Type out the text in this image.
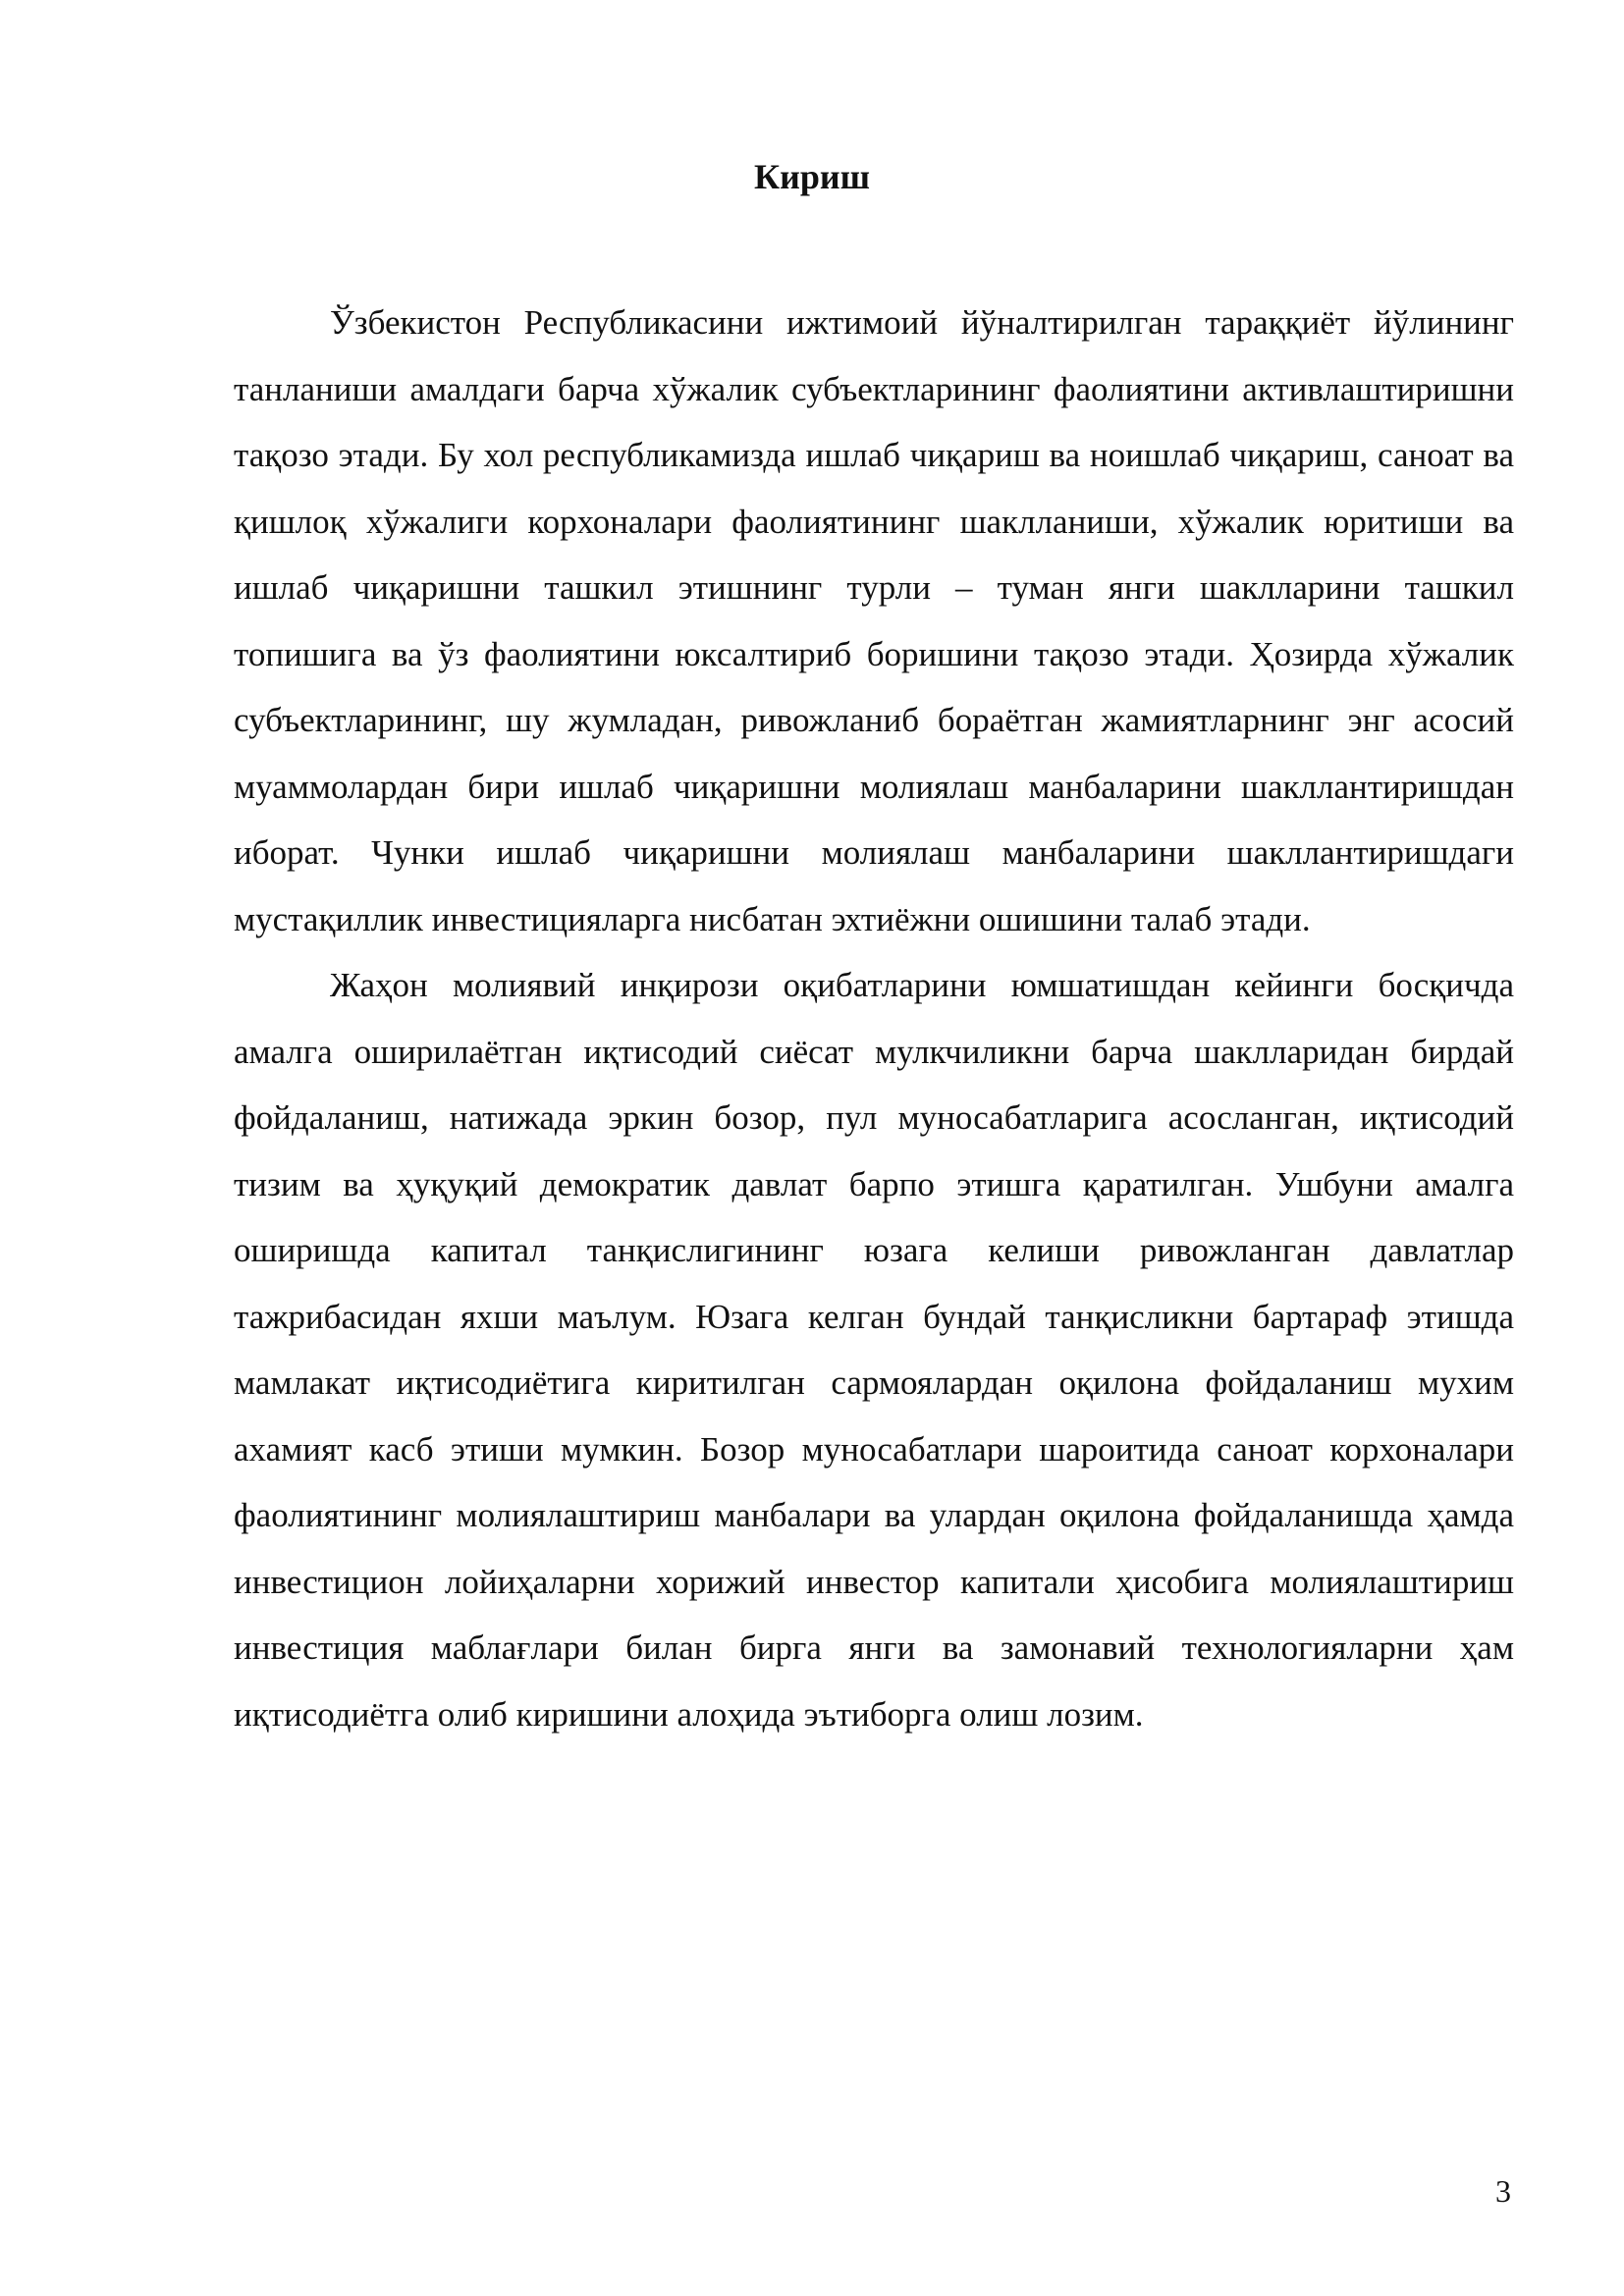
Кириш

Ўзбекистон Республикасини ижтимоий йўналтирилган тараққиёт йўлининг танланиши амалдаги барча хўжалик субъектларининг фаолиятини активлаштиришни тақозо этади. Бу хол республикамизда ишлаб чиқариш ва ноишлаб чиқариш, саноат ва қишлоқ хўжалиги корхоналари фаолиятининг шаклланиши, хўжалик юритиши ва ишлаб чиқаришни ташкил этишнинг турли – туман янги шаклларини ташкил топишига ва ўз фаолиятини юксалтириб боришини тақозо этади. Ҳозирда хўжалик субъектларининг, шу жумладан, ривожланиб бораётган жамиятларнинг энг асосий муаммолардан бири ишлаб чиқаришни молиялаш манбаларини шакллантиришдан иборат. Чунки ишлаб чиқаришни молиялаш манбаларини шакллантиришдаги мустақиллик инвестицияларга нисбатан эхтиёжни ошишини талаб этади.

Жаҳон молиявий инқирози оқибатларини юмшатишдан кейинги босқичда амалга оширилаётган иқтисодий сиёсат мулкчиликни барча шаклларидан бирдай фойдаланиш, натижада эркин бозор, пул муносабатларига асосланган, иқтисодий тизим ва ҳуқуқий демократик давлат барпо этишга қаратилган. Ушбуни амалга оширишда капитал танқислигининг юзага келиши ривожланган давлатлар тажрибасидан яхши маълум. Юзага келган бундай танқисликни бартараф этишда мамлакат иқтисодиётига киритилган сармоялардан оқилона фойдаланиш мухим ахамият касб этиши мумкин. Бозор муносабатлари шароитида саноат корхоналари фаолиятининг молиялаштириш манбалари ва улардан оқилона фойдаланишда ҳамда инвестицион лойиҳаларни хорижий инвестор капитали ҳисобига молиялаштириш инвестиция маблағлари билан бирга янги ва замонавий технологияларни ҳам иқтисодиётга олиб киришини алоҳида эътиборга олиш лозим.

3
